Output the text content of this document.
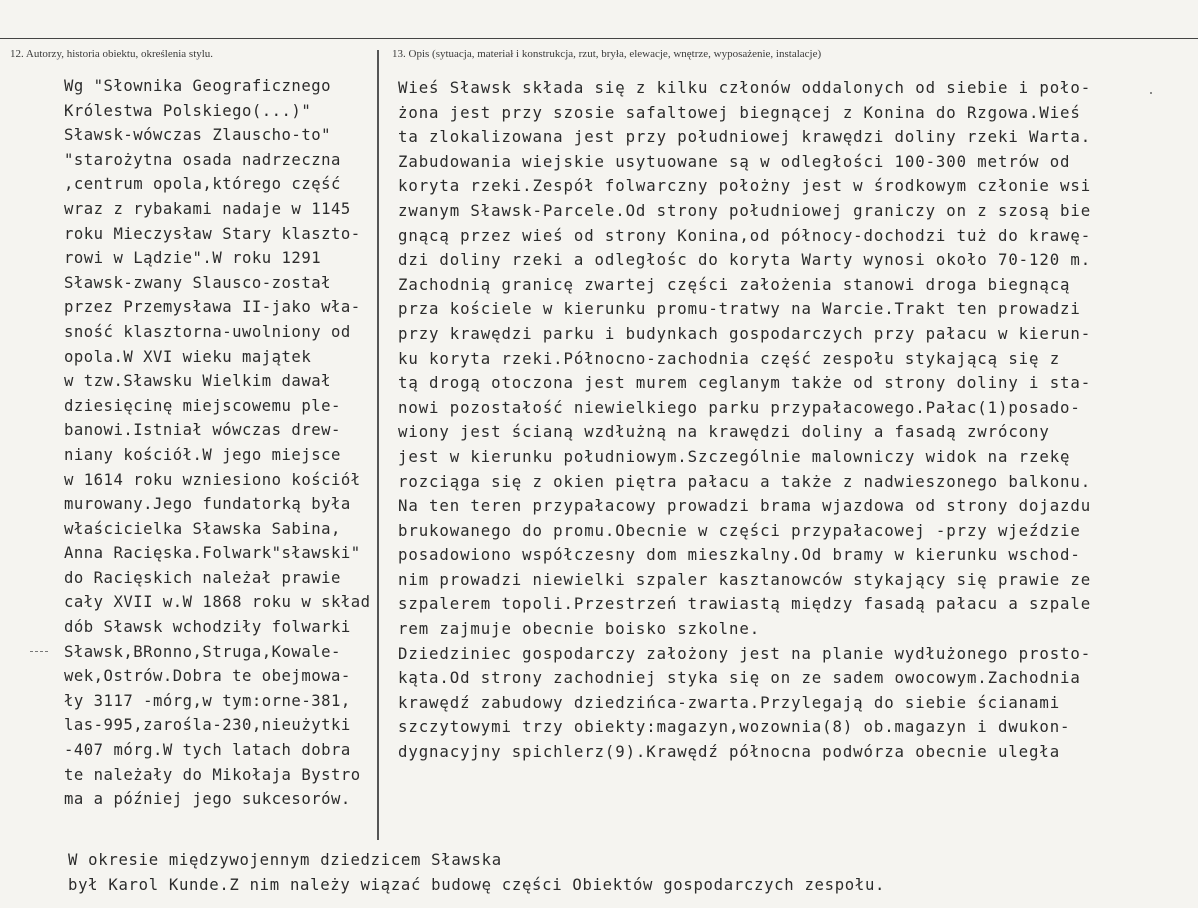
12. Autorzy, historia obiektu, określenia stylu.	13. Opis (sytuacja, materiał i konstrukcja, rzut, bryła, elewacje, wnętrze, wyposażenie, instalacje)
Wg "Słownika Geograficznego
Królestwa Polskiego(...)"
Sławsk-wówczas Zlauscho-to"
"starożytna osada nadrzeczna
,centrum opola,którego część
wraz z rybakami nadaje w 1145
roku Mieczysław Stary klaszto-
rowi w Lądzie".W roku 1291
Sławsk-zwany Slausco-został
przez Przemysława II-jako wła-
sność klasztorna-uwolniony od
opola.W XVI wieku majątek
w tzw.Sławsku Wielkim dawał
dziesięcinę miejscowemu ple-
banowi.Istniał wówczas drew-
niany kościół.W jego miejsce
w 1614 roku wzniesiono kościół
murowany.Jego fundatorką była
właścicielka Sławska Sabina,
Anna Racięska.Folwark"sławski"
do Racięskich należał prawie
cały XVII w.W 1868 roku w skład
dób Sławsk wchodziły folwarki
Sławsk,BRonno,Struga,Kowale-
wek,Ostrów.Dobra te obejmowa-
ły 3117 -mórg,w tym:orne-381,
las-995,zarośla-230,nieużytki
-407 mórg.W tych latach dobra
te należały do Mikołaja Bystro
ma a później jego sukcesorów.
Wieś Sławsk składa się z kilku członów oddalonych od siebie i poło-
żona jest przy szosie safaltowej biegnącej z Konina do Rzgowa.Wieś
ta zlokalizowana jest przy południowej krawędzi doliny rzeki Warta.
Zabudowania wiejskie usytuowane są w odległości 100-300 metrów od
koryta rzeki.Zespół folwarczny położny jest w środkowym członie wsi
zwanym Sławsk-Parcele.Od strony południowej graniczy on z szosą bie
gnącą przez wieś od strony Konina,od północy-dochodzi tuż do krawę-
dzi doliny rzeki a odległośc do koryta Warty wynosi około 70-120 m.
Zachodnią granicę zwartej części założenia stanowi droga biegnącą
prza kościele w kierunku promu-tratwy na Warcie.Trakt ten prowadzi
przy krawędzi parku i budynkach gospodarczych przy pałacu w kierun-
ku koryta rzeki.Północno-zachodnia część zespołu stykającą się z
tą drogą otoczona jest murem ceglanym także od strony doliny i sta-
nowi pozostałość niewielkiego parku przypałacowego.Pałac(1)posado-
wiony jest ścianą wzdłużną na krawędzi doliny a fasadą zwrócony
jest w kierunku południowym.Szczególnie malowniczy widok na rzekę
rozciąga się z okien piętra pałacu a także z nadwieszonego balkonu.
Na ten teren przypałacowy prowadzi brama wjazdowa od strony dojazdu
brukowanego do promu.Obecnie w części przypałacowej -przy wjeździe
posadowiono współczesny dom mieszkalny.Od bramy w kierunku wschod-
nim prowadzi niewielki szpaler kasztanowców stykający się prawie ze
szpalerem topoli.Przestrzeń trawiastą między fasadą pałacu a szpale
rem zajmuje obecnie boisko szkolne.
Dziedziniec gospodarczy założony jest na planie wydłużonego prosto-
kąta.Od strony zachodniej styka się on ze sadem owocowym.Zachodnia
krawędź zabudowy dziedzińca-zwarta.Przylegają do siebie ścianami
szczytowymi trzy obiekty:magazyn,wozownia(8) ob.magazyn i dwukon-
dygnacyjny spichlerz(9).Krawędź północna podwórza obecnie uległa
W okresie międzywojennym dziedzicem Sławska
był Karol Kunde.Z nim należy wiązać budowę części Obiektów gospodarczych zespołu.
